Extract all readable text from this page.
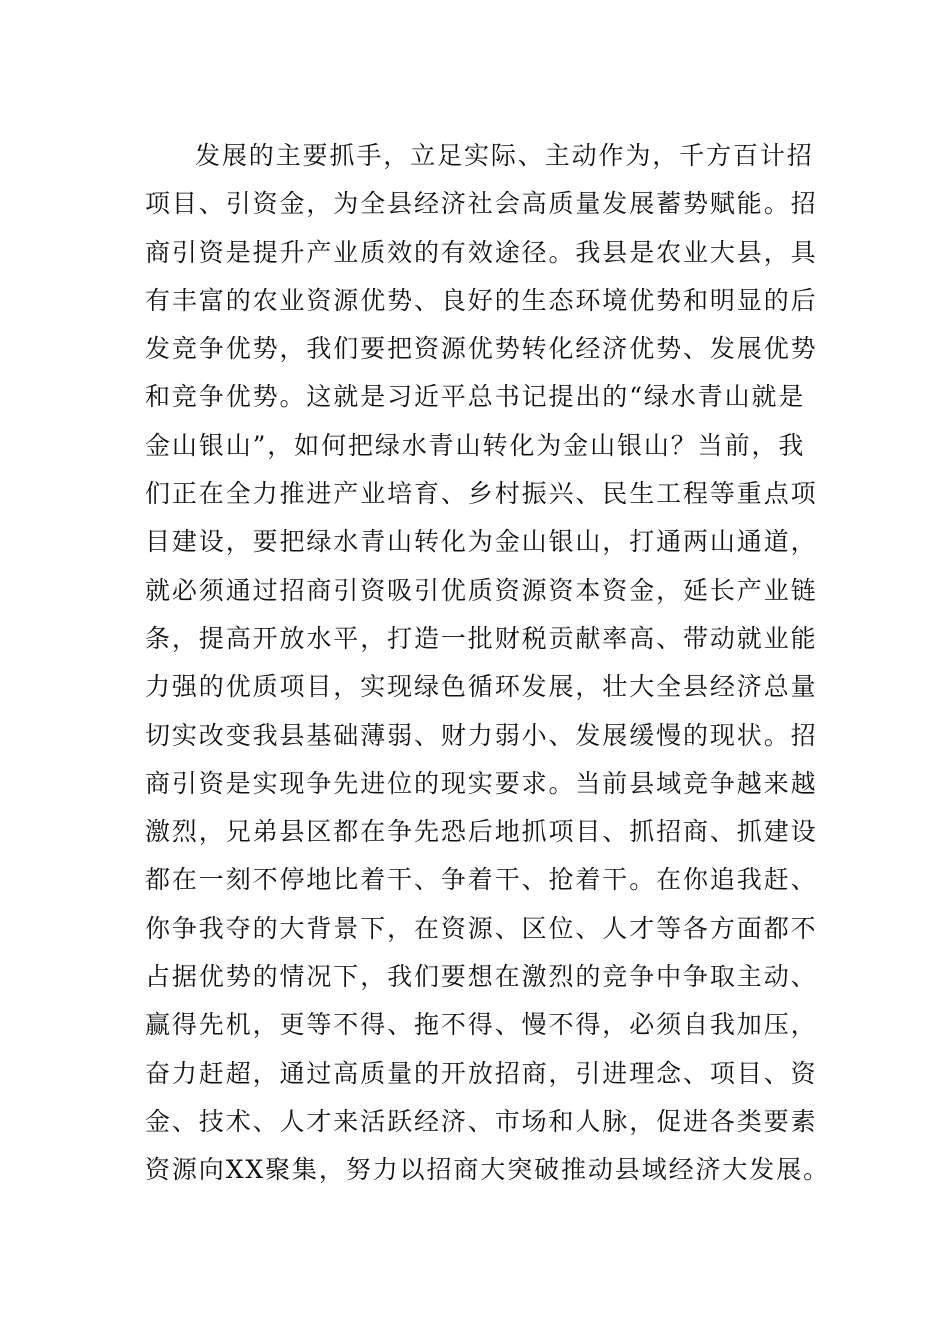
发展的主要抓手，立足实际、主动作为，千方百计招
项目、引资金，为全县经济社会高质量发展蓄势赋能。招
商引资是提升产业质效的有效途径。我县是农业大县，具
有丰富的农业资源优势、良好的生态环境优势和明显的后
发竞争优势，我们要把资源优势转化经济优势、发展优势
和竞争优势。这就是习近平总书记提出的“绿水青山就是
金山银山”，如何把绿水青山转化为金山银山？当前，我
们正在全力推进产业培育、乡村振兴、民生工程等重点项
目建设，要把绿水青山转化为金山银山，打通两山通道，
就必须通过招商引资吸引优质资源资本资金，延长产业链
条，提高开放水平，打造一批财税贡献率高、带动就业能
力强的优质项目，实现绿色循环发展，壮大全县经济总量
切实改变我县基础薄弱、财力弱小、发展缓慢的现状。招
商引资是实现争先进位的现实要求。当前县域竞争越来越
激烈，兄弟县区都在争先恐后地抓项目、抓招商、抓建设
都在一刻不停地比着干、争着干、抢着干。在你追我赶、
你争我夺的大背景下，在资源、区位、人才等各方面都不
占据优势的情况下，我们要想在激烈的竞争中争取主动、
赢得先机，更等不得、拖不得、慢不得，必须自我加压，
奋力赶超，通过高质量的开放招商，引进理念、项目、资
金、技术、人才来活跃经济、市场和人脉，促进各类要素
资源向XX聚集，努力以招商大突破推动县域经济大发展。
